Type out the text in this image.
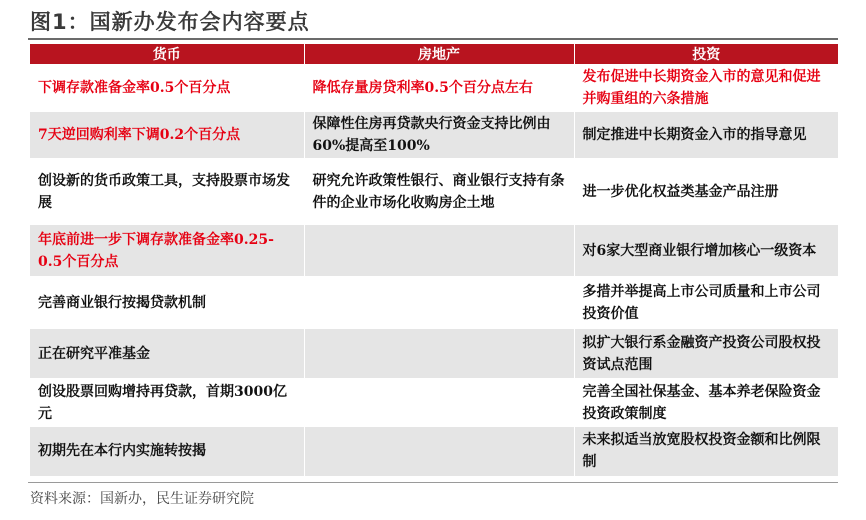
图1：国新办发布会内容要点
货币	房地产	投资
下调存款准备金率0.5个百分点	降低存量房贷利率0.5个百分点左右	发布促进中长期资金入市的意见和促进并购重组的六条措施
7天逆回购利率下调0.2个百分点	保障性住房再贷款央行资金支持比例由60%提高至100%	制定推进中长期资金入市的指导意见
创设新的货币政策工具，支持股票市场发展	研究允许政策性银行、商业银行支持有条件的企业市场化收购房企土地	进一步优化权益类基金产品注册
年底前进一步下调存款准备金率0.25-0.5个百分点		对6家大型商业银行增加核心一级资本
完善商业银行按揭贷款机制		多措并举提高上市公司质量和上市公司投资价值
正在研究平准基金		拟扩大银行系金融资产投资公司股权投资试点范围
创设股票回购增持再贷款，首期3000亿元		完善全国社保基金、基本养老保险资金投资政策制度
初期先在本行内实施转按揭		未来拟适当放宽股权投资金额和比例限制
资料来源：国新办，民生证券研究院
